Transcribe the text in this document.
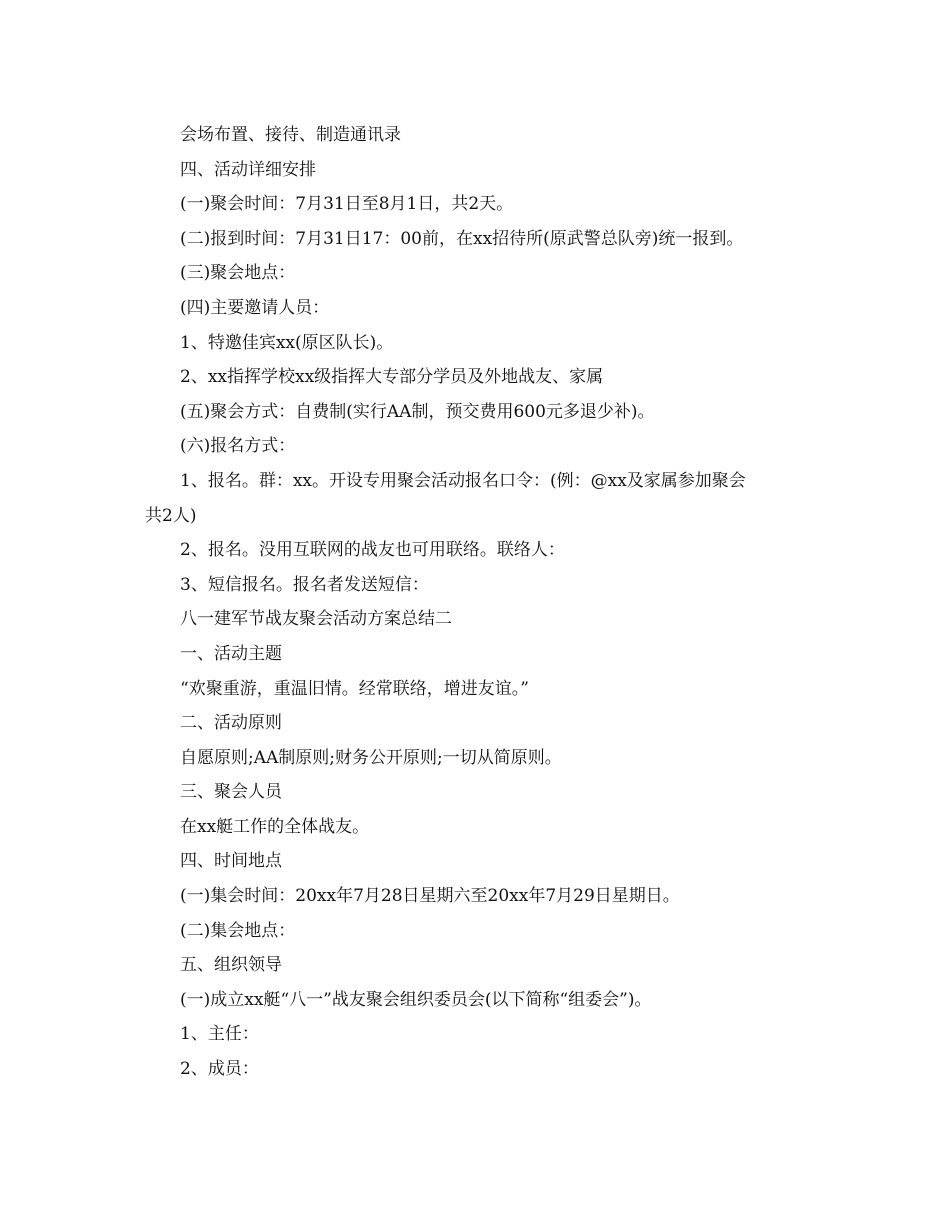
会场布置、接待、制造通讯录
四、活动详细安排
(一)聚会时间：7月31日至8月1日，共2天。
(二)报到时间：7月31日17：00前，在xx招待所(原武警总队旁)统一报到。
(三)聚会地点：
(四)主要邀请人员：
1、特邀佳宾xx(原区队长)。
2、xx指挥学校xx级指挥大专部分学员及外地战友、家属
(五)聚会方式：自费制(实行AA制，预交费用600元多退少补)。
(六)报名方式：
1、报名。群：xx。开设专用聚会活动报名口令：(例：@xx及家属参加聚会
共2人)
2、报名。没用互联网的战友也可用联络。联络人：
3、短信报名。报名者发送短信：
八一建军节战友聚会活动方案总结二
一、活动主题
“欢聚重游，重温旧情。经常联络，增进友谊。”
二、活动原则
自愿原则;AA制原则;财务公开原则;一切从简原则。
三、聚会人员
在xx艇工作的全体战友。
四、时间地点
(一)集会时间：20xx年7月28日星期六至20xx年7月29日星期日。
(二)集会地点：
五、组织领导
(一)成立xx艇“八一”战友聚会组织委员会(以下简称“组委会”)。
1、主任：
2、成员：
